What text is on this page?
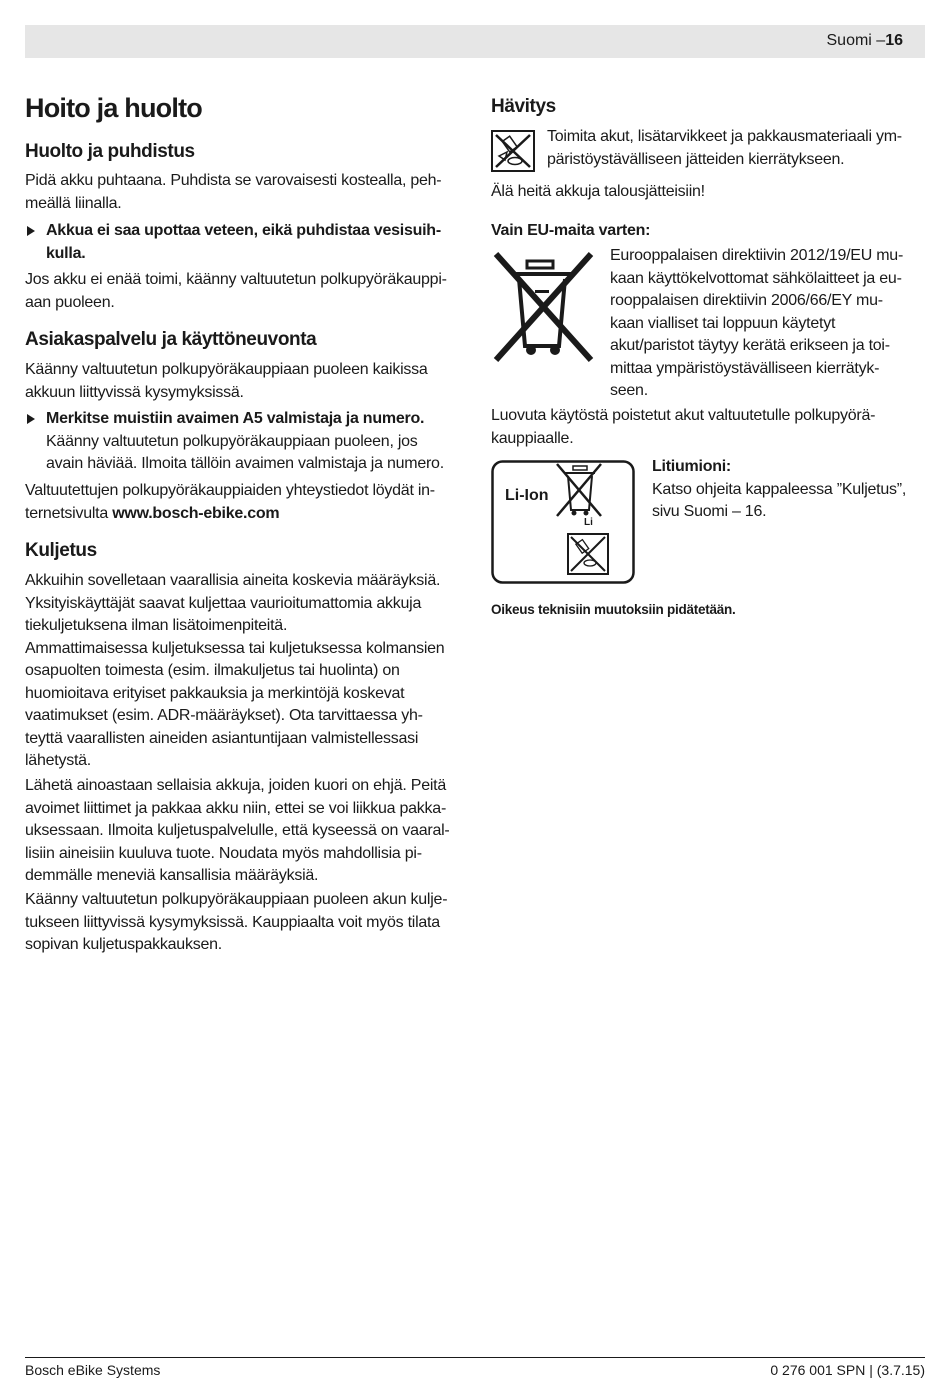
Suomi –16
Hoito ja huolto
Huolto ja puhdistus

Pidä akku puhtaana. Puhdista se varovaisesti kostealla, peh-

meällä liinalla.

Akkua ei saa upottaa veteen, eikä puhdistaa vesisuih-

kulla.

Jos akku ei enää toimi, käänny valtuutetun polkupyöräkauppi-

aan puoleen.

Asiakaspalvelu ja käyttöneuvonta

Käänny valtuutetun polkupyöräkauppiaan puoleen kaikissa

akkuun liittyvissä kysymyksissä.

Merkitse muistiin avaimen A5 valmistaja ja numero.

Käänny valtuutetun polkupyöräkauppiaan puoleen, jos

avain häviää. Ilmoita tällöin avaimen valmistaja ja numero.

Valtuutettujen polkupyöräkauppiaiden yhteystiedot löydät in-

ternetsivulta www.bosch-ebike.com

Kuljetus

Akkuihin sovelletaan vaarallisia aineita koskevia määräyksiä.

Yksityiskäyttäjät saavat kuljettaa vaurioitumattomia akkuja

tiekuljetuksena ilman lisätoimenpiteitä.

Ammattimaisessa kuljetuksessa tai kuljetuksessa kolmansien

osapuolten toimesta (esim. ilmakuljetus tai huolinta) on

huomioitava erityiset pakkauksia ja merkintöjä koskevat

vaatimukset (esim. ADR-määräykset). Ota tarvittaessa yh-

teyttä vaarallisten aineiden asiantuntijaan valmistellessasi

lähetystä.

Lähetä ainoastaan sellaisia akkuja, joiden kuori on ehjä. Peitä

avoimet liittimet ja pakkaa akku niin, ettei se voi liikkua pakka-

uksessaan. Ilmoita kuljetuspalvelulle, että kyseessä on vaaral-

lisiin aineisiin kuuluva tuote. Noudata myös mahdollisia pi-

demmälle meneviä kansallisia määräyksiä.

Käänny valtuutetun polkupyöräkauppiaan puoleen akun kulje-

tukseen liittyvissä kysymyksissä. Kauppiaalta voit myös tilata

sopivan kuljetuspakkauksen.

Hävitys

Toimita akut, lisätarvikkeet ja pakkausmateriaali ym-

päristöystävälliseen jätteiden kierrätykseen.

Älä heitä akkuja talousjätteisiin!

Vain EU-maita varten:

Eurooppalaisen direktiivin 2012/19/EU mu-

kaan käyttökelvottomat sähkölaitteet ja eu-

rooppalaisen direktiivin 2006/66/EY mu-

kaan vialliset tai loppuun käytetyt

akut/paristot täytyy kerätä erikseen ja toi-

mittaa ympäristöystävälliseen kierrätyk-

seen.

Luovuta käytöstä poistetut akut valtuutetulle polkupyörä-

kauppiaalle.

Li-Ion
Li

Litiumioni:

Katso ohjeita kappaleessa ”Kuljetus”,

sivu Suomi – 16.

Oikeus teknisiin muutoksiin pidätetään.

Bosch eBike Systems	0 276 001 SPN | (3.7.15)
